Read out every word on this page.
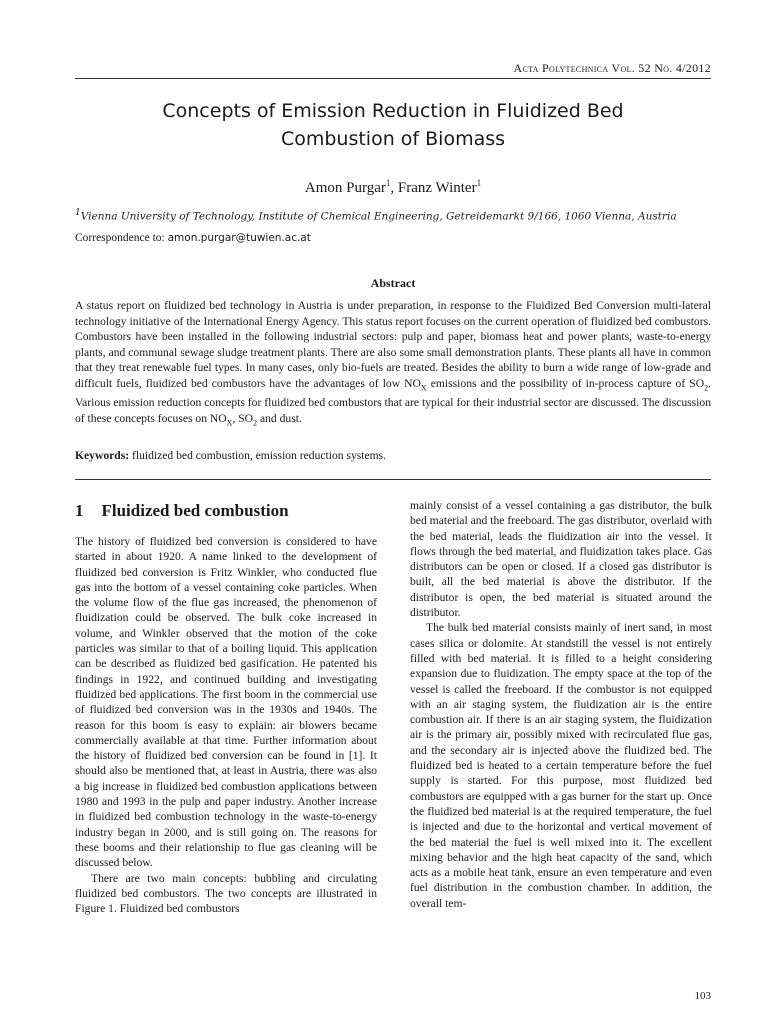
Acta Polytechnica Vol. 52 No. 4/2012
Concepts of Emission Reduction in Fluidized Bed
Combustion of Biomass
Amon Purgar$^1$, Franz Winter$^1$
$^1$Vienna University of Technology, Institute of Chemical Engineering, Getreidemarkt 9/166, 1060 Vienna, Austria
Correspondence to: amon.purgar@tuwien.ac.at
Abstract
A status report on fluidized bed technology in Austria is under preparation, in response to the Fluidized Bed Conversion multi-lateral technology initiative of the International Energy Agency. This status report focuses on the current operation of fluidized bed combustors. Combustors have been installed in the following industrial sectors: pulp and paper, biomass heat and power plants, waste-to-energy plants, and communal sewage sludge treatment plants. There are also some small demonstration plants. These plants all have in common that they treat renewable fuel types. In many cases, only bio-fuels are treated. Besides the ability to burn a wide range of low-grade and difficult fuels, fluidized bed combustors have the advantages of low $NO_X$ emissions and the possibility of in-process capture of $SO_2$. Various emission reduction concepts for fluidized bed combustors that are typical for their industrial sector are discussed. The discussion of these concepts focuses on $NO_X$, $SO_2$ and dust.
Keywords: fluidized bed combustion, emission reduction systems.
1 Fluidized bed combustion

The history of fluidized bed conversion is considered to have started in about 1920. A name linked to the development of fluidized bed conversion is Fritz Winkler, who conducted flue gas into the bottom of a vessel containing coke particles. When the volume flow of the flue gas increased, the phenomenon of fluidization could be observed. The bulk coke increased in volume, and Winkler observed that the motion of the coke particles was similar to that of a boiling liquid. This application can be described as fluidized bed gasification. He patented his findings in 1922, and continued building and investigating fluidized bed applications. The first boom in the commercial use of fluidized bed conversion was in the 1930s and 1940s. The reason for this boom is easy to explain: air blowers became commercially available at that time. Further information about the history of fluidized bed conversion can be found in [1]. It should also be mentioned that, at least in Austria, there was also a big increase in fluidized bed combustion applications between 1980 and 1993 in the pulp and paper industry. Another increase in fluidized bed combustion technology in the waste-to-energy industry began in 2000, and is still going on. The reasons for these booms and their relationship to flue gas cleaning will be discussed below.

There are two main concepts: bubbling and circulating fluidized bed combustors. The two concepts are illustrated in Figure 1. Fluidized bed combustors

mainly consist of a vessel containing a gas distributor, the bulk bed material and the freeboard. The gas distributor, overlaid with the bed material, leads the fluidization air into the vessel. It flows through the bed material, and fluidization takes place. Gas distributors can be open or closed. If a closed gas distributor is built, all the bed material is above the distributor. If the distributor is open, the bed material is situated around the distributor.

The bulk bed material consists mainly of inert sand, in most cases silica or dolomite. At standstill the vessel is not entirely filled with bed material. It is filled to a height considering expansion due to fluidization. The empty space at the top of the vessel is called the freeboard. If the combustor is not equipped with an air staging system, the fluidization air is the entire combustion air. If there is an air staging system, the fluidization air is the primary air, possibly mixed with recirculated flue gas, and the secondary air is injected above the fluidized bed. The fluidized bed is heated to a certain temperature before the fuel supply is started. For this purpose, most fluidized bed combustors are equipped with a gas burner for the start up. Once the fluidized bed material is at the required temperature, the fuel is injected and due to the horizontal and vertical movement of the bed material the fuel is well mixed into it. The excellent mixing behavior and the high heat capacity of the sand, which acts as a mobile heat tank, ensure an even temperature and even fuel distribution in the combustion chamber. In addition, the overall tem-

103
